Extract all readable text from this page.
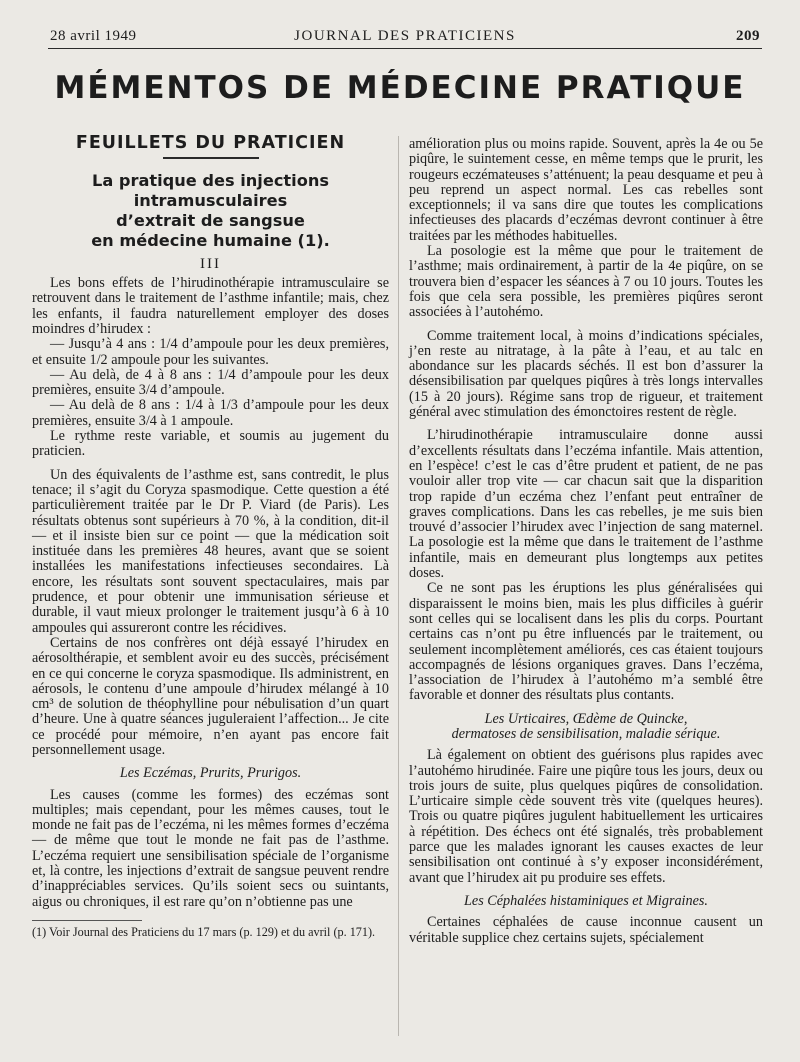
28 avril 1949	JOURNAL DES PRATICIENS	209
MÉMENTOS DE MÉDECINE PRATIQUE
FEUILLETS DU PRATICIEN
La pratique des injections intramusculaires
d’extrait de sangsue
en médecine humaine (1).
III

Les bons effets de l’hirudinothérapie intramusculaire se retrouvent dans le traitement de l’asthme infantile; mais, chez les enfants, il faudra naturellement employer des doses moindres d’hirudex :

— Jusqu’à 4 ans : 1/4 d’ampoule pour les deux premières, et ensuite 1/2 ampoule pour les suivantes.

— Au delà, de 4 à 8 ans : 1/4 d’ampoule pour les deux premières, ensuite 3/4 d’ampoule.

— Au delà de 8 ans : 1/4 à 1/3 d’ampoule pour les deux premières, ensuite 3/4 à 1 ampoule.

Le rythme reste variable, et soumis au jugement du praticien.

Un des équivalents de l’asthme est, sans contredit, le plus tenace; il s’agit du Coryza spasmodique. Cette question a été particulièrement traitée par le Dr P. Viard (de Paris). Les résultats obtenus sont supérieurs à 70 %, à la condition, dit-il — et il insiste bien sur ce point — que la médication soit instituée dans les premières 48 heures, avant que se soient installées les manifestations infectieuses secondaires. Là encore, les résultats sont souvent spectaculaires, mais par prudence, et pour obtenir une immunisation sérieuse et durable, il vaut mieux prolonger le traitement jusqu’à 6 à 10 ampoules qui assureront contre les récidives.

Certains de nos confrères ont déjà essayé l’hirudex en aérosolthérapie, et semblent avoir eu des succès, précisément en ce qui concerne le coryza spasmodique. Ils administrent, en aérosols, le contenu d’une ampoule d’hirudex mélangé à 10 cm³ de solution de théophylline pour nébulisation d’un quart d’heure. Une à quatre séances juguleraient l’affection... Je cite ce procédé pour mémoire, n’en ayant pas encore fait personnellement usage.

Les Eczémas, Prurits, Prurigos.

Les causes (comme les formes) des eczémas sont multiples; mais cependant, pour les mêmes causes, tout le monde ne fait pas de l’eczéma, ni les mêmes formes d’eczéma — de même que tout le monde ne fait pas de l’asthme. L’eczéma requiert une sensibilisation spéciale de l’organisme et, là contre, les injections d’extrait de sangsue peuvent rendre d’inappréciables services. Qu’ils soient secs ou suintants, aigus ou chroniques, il est rare qu’on n’obtienne pas une

(1) Voir Journal des Praticiens du 17 mars (p. 129) et du avril (p. 171).

amélioration plus ou moins rapide. Souvent, après la 4e ou 5e piqûre, le suintement cesse, en même temps que le prurit, les rougeurs eczémateuses s’atténuent; la peau desquame et peu à peu reprend un aspect normal. Les cas rebelles sont exceptionnels; il va sans dire que toutes les complications infectieuses des placards d’eczémas devront continuer à être traitées par les méthodes habituelles.

La posologie est la même que pour le traitement de l’asthme; mais ordinairement, à partir de la 4e piqûre, on se trouvera bien d’espacer les séances à 7 ou 10 jours. Toutes les fois que cela sera possible, les premières piqûres seront associées à l’autohémo.

Comme traitement local, à moins d’indications spéciales, j’en reste au nitratage, à la pâte à l’eau, et au talc en abondance sur les placards séchés. Il est bon d’assurer la désensibilisation par quelques piqûres à très longs intervalles (15 à 20 jours). Régime sans trop de rigueur, et traitement général avec stimulation des émonctoires restent de règle.

L’hirudinothérapie intramusculaire donne aussi d’excellents résultats dans l’eczéma infantile. Mais attention, en l’espèce! c’est le cas d’être prudent et patient, de ne pas vouloir aller trop vite — car chacun sait que la disparition trop rapide d’un eczéma chez l’enfant peut entraîner de graves complications. Dans les cas rebelles, je me suis bien trouvé d’associer l’hirudex avec l’injection de sang maternel. La posologie est la même que dans le traitement de l’asthme infantile, mais en demeurant plus longtemps aux petites doses.

Ce ne sont pas les éruptions les plus généralisées qui disparaissent le moins bien, mais les plus difficiles à guérir sont celles qui se localisent dans les plis du corps. Pourtant certains cas n’ont pu être influencés par le traitement, ou seulement incomplètement améliorés, ces cas étaient toujours accompagnés de lésions organiques graves. Dans l’eczéma, l’association de l’hirudex à l’autohémo m’a semblé être favorable et donner des résultats plus contants.

Les Urticaires, Œdème de Quincke,
dermatoses de sensibilisation, maladie sérique.

Là également on obtient des guérisons plus rapides avec l’autohémo hirudinée. Faire une piqûre tous les jours, deux ou trois jours de suite, plus quelques piqûres de consolidation. L’urticaire simple cède souvent très vite (quelques heures). Trois ou quatre piqûres jugulent habituellement les urticaires à répétition. Des échecs ont été signalés, très probablement parce que les malades ignorant les causes exactes de leur sensibilisation ont continué à s’y exposer inconsidérément, avant que l’hirudex ait pu produire ses effets.

Les Céphalées histaminiques et Migraines.

Certaines céphalées de cause inconnue causent un véritable supplice chez certains sujets, spécialement
